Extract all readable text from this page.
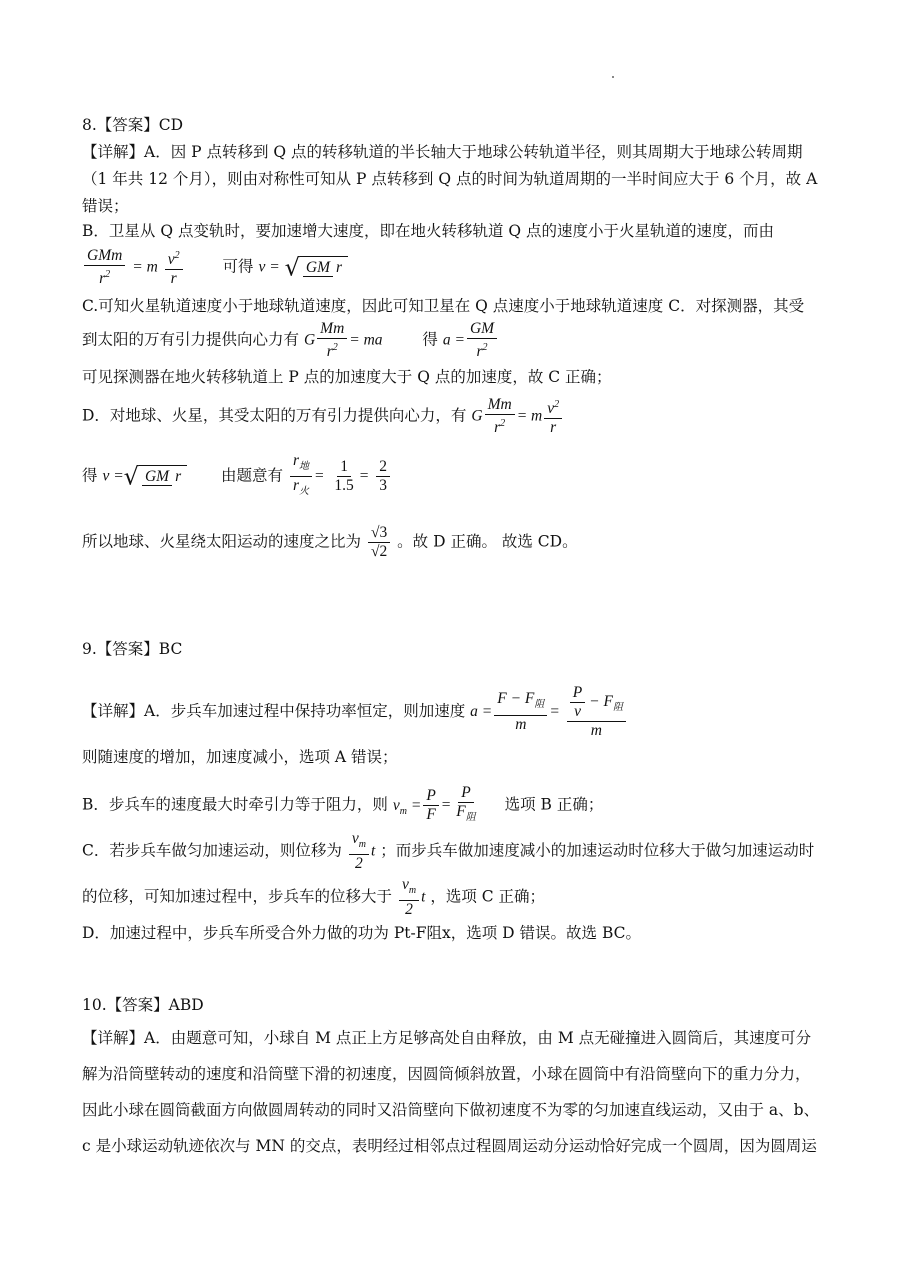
8.【答案】CD
【详解】A．因 P 点转移到 Q 点的转移轨道的半长轴大于地球公转轨道半径，则其周期大于地球公转周期
（1 年共 12 个月），则由对称性可知从 P 点转移到 Q 点的时间为轨道周期的一半时间应大于 6 个月，故 A
错误；
B．卫星从 Q 点变轨时，要加速增大速度，即在地火转移轨道 Q 点的速度小于火星轨道的速度，而由
$\frac{\text{GMm}}{r^2} = m \frac{v^2}{r}$	可得 v = √ GM r
C.可知火星轨道速度小于地球轨道速度，因此可知卫星在 Q 点速度小于地球轨道速度 C．对探测器，其受
到太阳的万有引力提供向心力有 G $\frac{Mm}{r^2}$ = ma	得 $a = \frac{GM}{r^2}$
可见探测器在地火转移轨道上 P 点的加速度大于 Q 点的加速度，故 C 正确；
D．对地球、火星，其受太阳的万有引力提供向心力，有 G $\frac{Mm}{r^2} = m \frac{v^2}{r}$
得 v =√ GM r	由题意有 $\frac{r_地}{r_火} = \frac{1}{1.5} = \frac{2}{3}$
所以地球、火星绕太阳运动的速度之比为 $\frac{√3}{√2}$ 。故 D 正确。 故选 CD。
9.【答案】BC
【详解】A．步兵车加速过程中保持功率恒定，则加速度 $a = \frac{F - F_阻}{m} = \frac{\frac{P}{v} - F_阻}{m}$
则随速度的增加，加速度减小，选项 A 错误；
B．步兵车的速度最大时牵引力等于阻力，则 $v_m = \frac{P}{F} = \frac{P}{F_阻}$ 选项 B 正确；
C．若步兵车做匀加速运动，则位移为 $\frac{v_m}{2}$ t ；而步兵车做加速度减小的加速运动时位移大于做匀加速运动时
的位移，可知加速过程中，步兵车的位移大于 $\frac{v_m}{2}$ t ，选项 C 正确；
D．加速过程中，步兵车所受合外力做的功为 Pt-F阻x，选项 D 错误。故选 BC。
10.【答案】ABD
【详解】A．由题意可知，小球自 M 点正上方足够高处自由释放，由 M 点无碰撞进入圆筒后，其速度可分
解为沿筒壁转动的速度和沿筒壁下滑的初速度，因圆筒倾斜放置，小球在圆筒中有沿筒壁向下的重力分力，
因此小球在圆筒截面方向做圆周转动的同时又沿筒壁向下做初速度不为零的匀加速直线运动，又由于 a、b、
c 是小球运动轨迹依次与 MN 的交点，表明经过相邻点过程圆周运动分运动恰好完成一个圆周，因为圆周运
